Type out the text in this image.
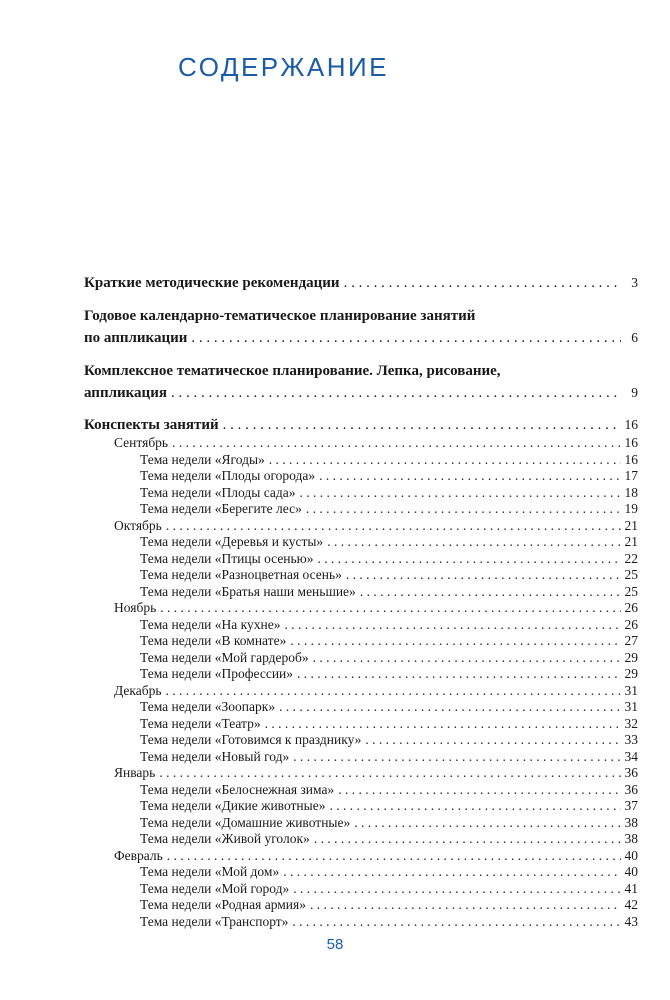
СОДЕРЖАНИЕ
Краткие методические рекомендации . . .	3
Годовое календарно-тематическое планирование занятий
по аппликации . . .	6
Комплексное тематическое планирование. Лепка, рисование,
аппликация . . .	9
Конспекты занятий . . .	16
Сентябрь . . .	16
Тема недели «Ягоды» . . .	16
Тема недели «Плоды огорода» . . .	17
Тема недели «Плоды сада» . . .	18
Тема недели «Берегите лес» . . .	19
Октябрь . . .	21
Тема недели «Деревья и кусты» . . .	21
Тема недели «Птицы осенью» . . .	22
Тема недели «Разноцветная осень» . . .	25
Тема недели «Братья наши меньшие» . . .	25
Ноябрь . . .	26
Тема недели «На кухне» . . .	26
Тема недели «В комнате» . . .	27
Тема недели «Мой гардероб» . . .	29
Тема недели «Профессии» . . .	29
Декабрь . . .	31
Тема недели «Зоопарк» . . .	31
Тема недели «Театр» . . .	32
Тема недели «Готовимся к празднику» . . .	33
Тема недели «Новый год» . . .	34
Январь . . .	36
Тема недели «Белоснежная зима» . . .	36
Тема недели «Дикие животные» . . .	37
Тема недели «Домашние животные» . . .	38
Тема недели «Живой уголок» . . .	38
Февраль . . .	40
Тема недели «Мой дом» . . .	40
Тема недели «Мой город» . . .	41
Тема недели «Родная армия» . . .	42
Тема недели «Транспорт» . . .	43
58
